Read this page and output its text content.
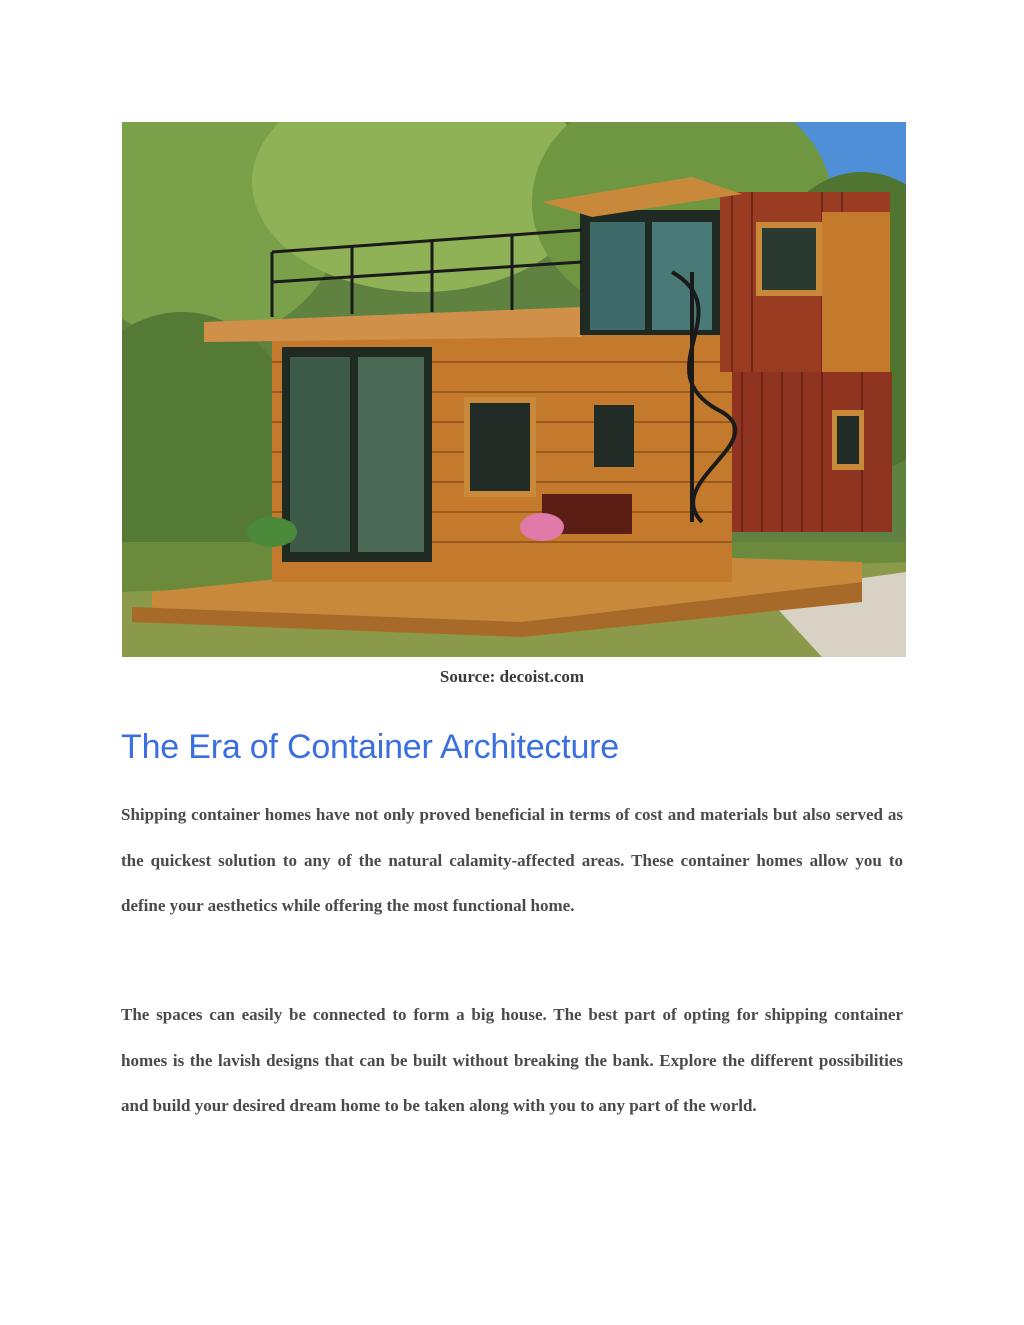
Source: decoist.com
The Era of Container Architecture

Shipping container homes have not only proved beneficial in terms of cost and materials but also served as the quickest solution to any of the natural calamity-affected areas. These container homes allow you to define your aesthetics while offering the most functional home.

The spaces can easily be connected to form a big house. The best part of opting for shipping container homes is the lavish designs that can be built without breaking the bank. Explore the different possibilities and build your desired dream home to be taken along with you to any part of the world.
